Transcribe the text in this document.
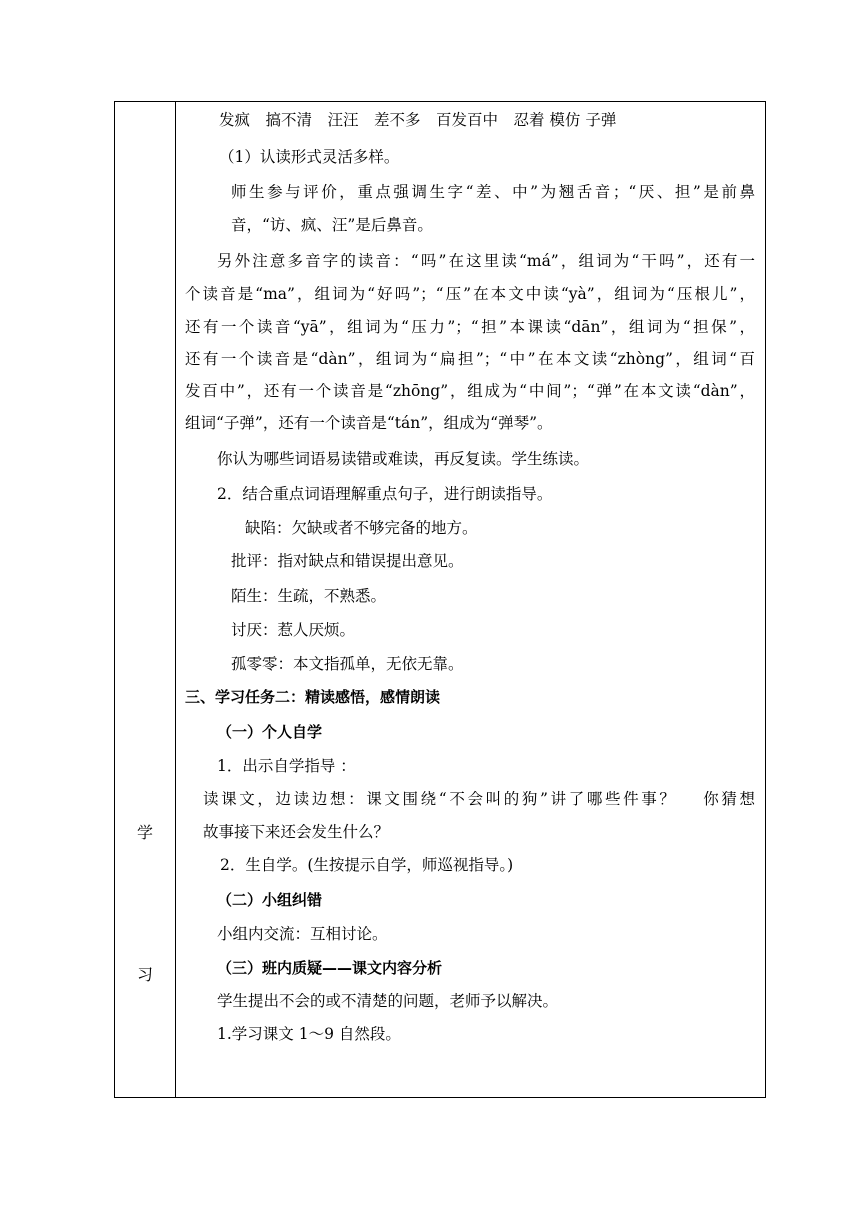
学
习
发疯　搞不清　汪汪　差不多　百发百中　忍着 模仿 子弹
（1）认读形式灵活多样。
师生参与评价，重点强调生字“差、中”为翘舌音；“厌、担”是前鼻
音，“访、疯、汪”是后鼻音。
另外注意多音字的读音：“吗”在这里读“má”，组词为“干吗”，还有一
个读音是“ma”，组词为“好吗”；“压”在本文中读“yà”，组词为“压根儿”，
还有一个读音“yā”，组词为“压力”；“担”本课读“dān”，组词为“担保”，
还有一个读音是“dàn”，组词为“扁担”；“中”在本文读“zhòng”，组词“百
发百中”，还有一个读音是“zhōng”，组成为“中间”；“弹”在本文读“dàn”，
组词“子弹”，还有一个读音是“tán”，组成为“弹琴”。
你认为哪些词语易读错或难读，再反复读。学生练读。
2．结合重点词语理解重点句子，进行朗读指导。
缺陷：欠缺或者不够完备的地方。
批评：指对缺点和错误提出意见。
陌生：生疏，不熟悉。
讨厌：惹人厌烦。
孤零零：本文指孤单，无依无靠。
三、学习任务二：精读感悟，感情朗读
（一）个人自学
1．出示自学指导 ：
读课文，边读边想：课文围绕“不会叫的狗”讲了哪些件事？　 你猜想
故事接下来还会发生什么？
2．生自学。(生按提示自学，师巡视指导。)
（二）小组纠错
小组内交流：互相讨论。
（三）班内质疑——课文内容分析
学生提出不会的或不清楚的问题，老师予以解决。
1.学习课文 1～9 自然段。
